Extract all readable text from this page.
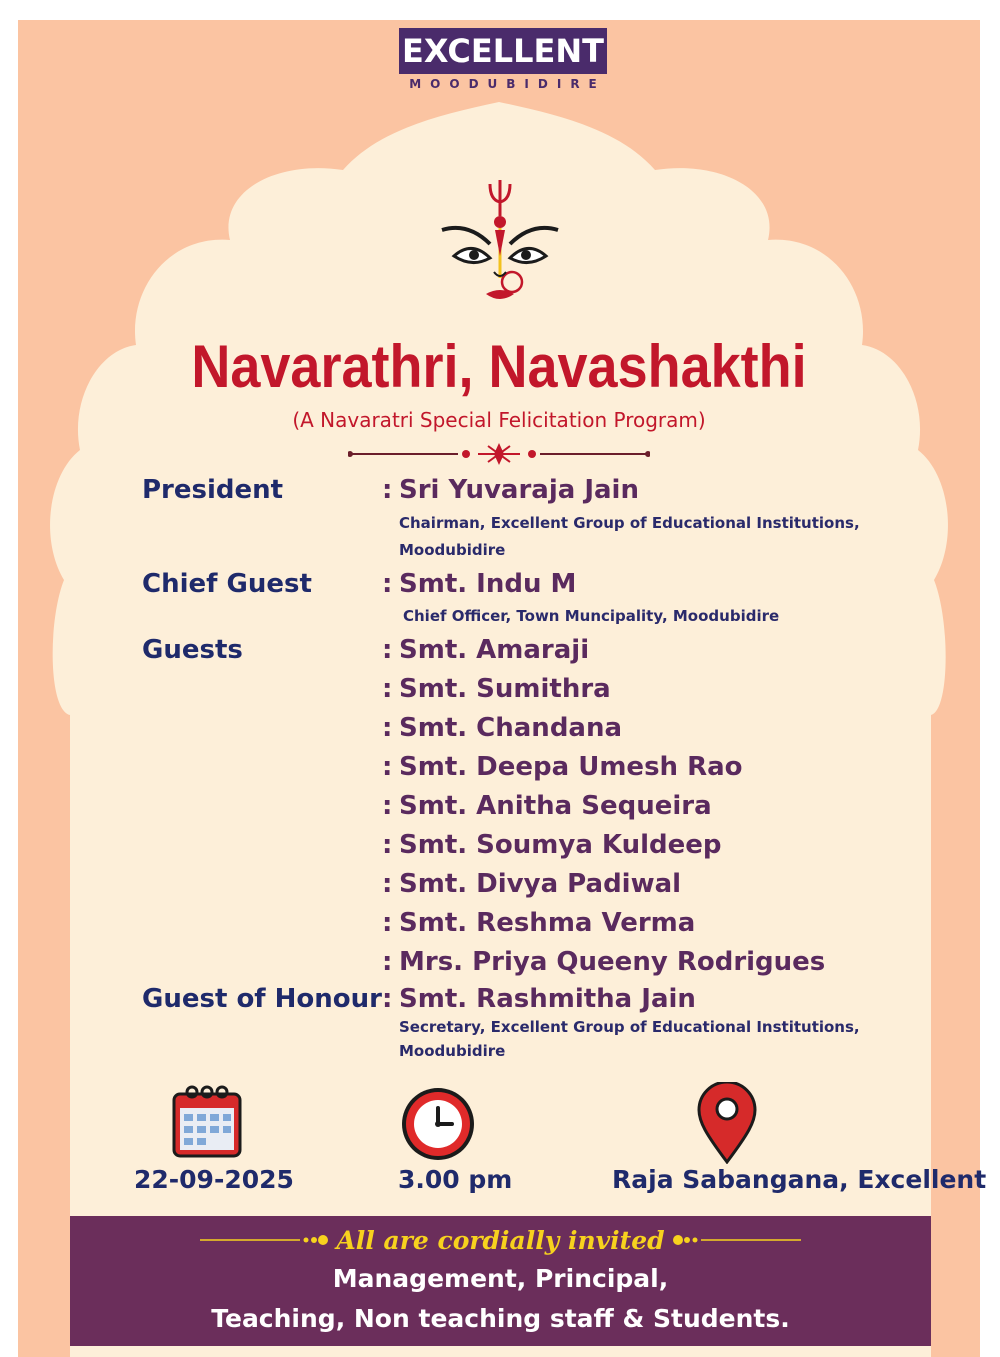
EXCELLENT
MOODUBIDIRE
Navarathri, Navashakthi
(A Navaratri Special Felicitation Program)
President	: Sri Yuvaraja Jain
Chairman, Excellent Group of Educational Institutions,
Moodubidire
Chief Guest	: Smt. Indu M
Chief Officer, Town Muncipality, Moodubidire
Guests	: Smt. Amaraji
: Smt. Sumithra
: Smt. Chandana
: Smt. Deepa Umesh Rao
: Smt. Anitha Sequeira
: Smt. Soumya Kuldeep
: Smt. Divya Padiwal
: Smt. Reshma Verma
: Mrs. Priya Queeny Rodrigues
Guest of Honour : Smt. Rashmitha Jain
Secretary, Excellent Group of Educational Institutions,
Moodubidire
22-09-2025	3.00 pm	Raja Sabangana, Excellent
All are cordially invited
Management, Principal,
Teaching, Non teaching staff & Students.
